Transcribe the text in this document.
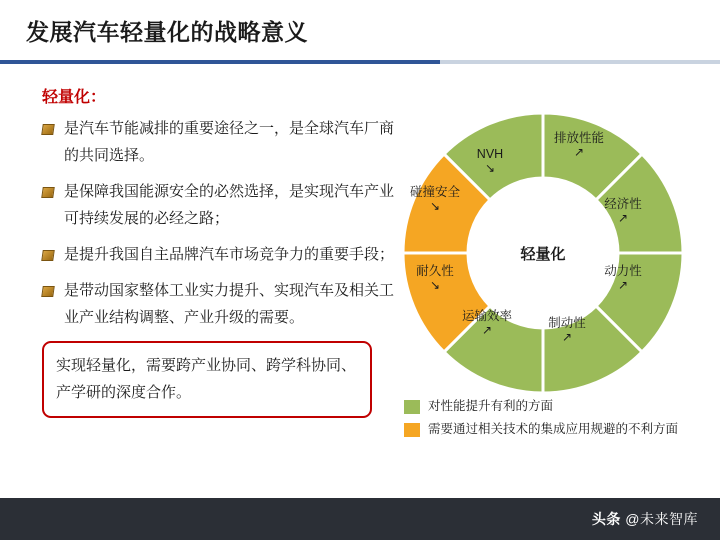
发展汽车轻量化的战略意义
轻量化：
是汽车节能减排的重要途径之一，是全球汽车厂商的共同选择。
是保障我国能源安全的必然选择，是实现汽车产业可持续发展的必经之路；
是提升我国自主品牌汽车市场竞争力的重要手段；
是带动国家整体工业实力提升、实现汽车及相关工业产业结构调整、产业升级的需要。
实现轻量化，需要跨产业协同、跨学科协同、产学研的深度合作。
轻量化
NVH
↘
排放性能
↗
经济性
↗
动力性
↗
制动性
↗
运输效率
↗
耐久性
↘
碰撞安全
↘
对性能提升有利的方面
需要通过相关技术的集成应用规避的不利方面
头条 @未来智库
